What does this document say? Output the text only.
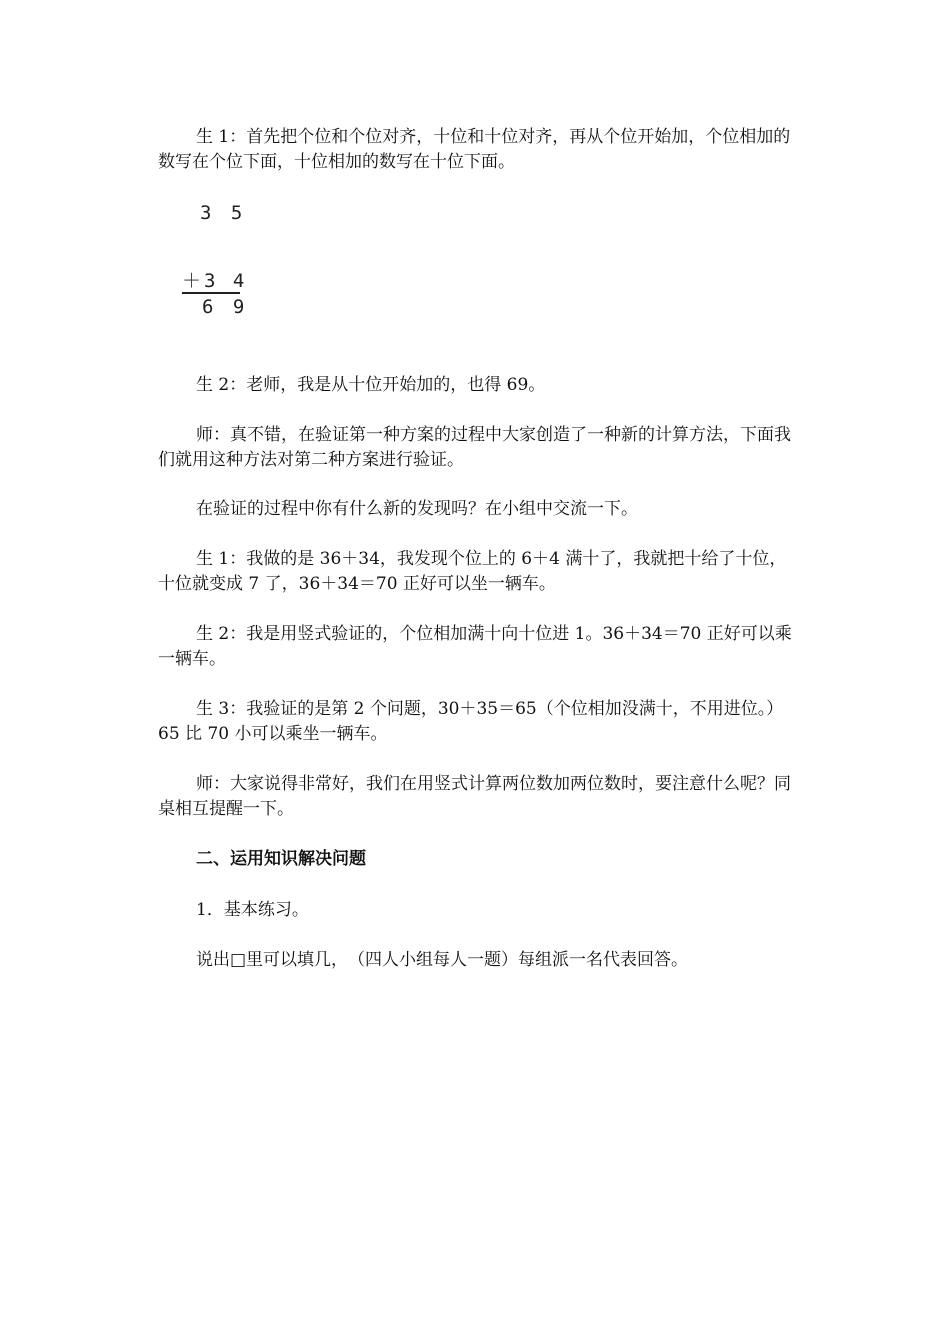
生 1：首先把个位和个位对齐，十位和十位对齐，再从个位开始加，个位相加的数写在个位下面，十位相加的数写在十位下面。

3 5
＋3 4
6 9

生 2：老师，我是从十位开始加的，也得 69。

师：真不错，在验证第一种方案的过程中大家创造了一种新的计算方法，下面我们就用这种方法对第二种方案进行验证。

在验证的过程中你有什么新的发现吗？在小组中交流一下。

生 1：我做的是 36＋34，我发现个位上的 6＋4 满十了，我就把十给了十位，十位就变成 7 了，36＋34＝70 正好可以坐一辆车。

生 2：我是用竖式验证的，个位相加满十向十位进 1。36＋34＝70 正好可以乘一辆车。

生 3：我验证的是第 2 个问题，30＋35＝65（个位相加没满十，不用进位。）65 比 70 小可以乘坐一辆车。

师：大家说得非常好，我们在用竖式计算两位数加两位数时，要注意什么呢？同桌相互提醒一下。

二、运用知识解决问题

1．基本练习。

说出□里可以填几，　（四人小组每人一题）每组派一名代表回答。
